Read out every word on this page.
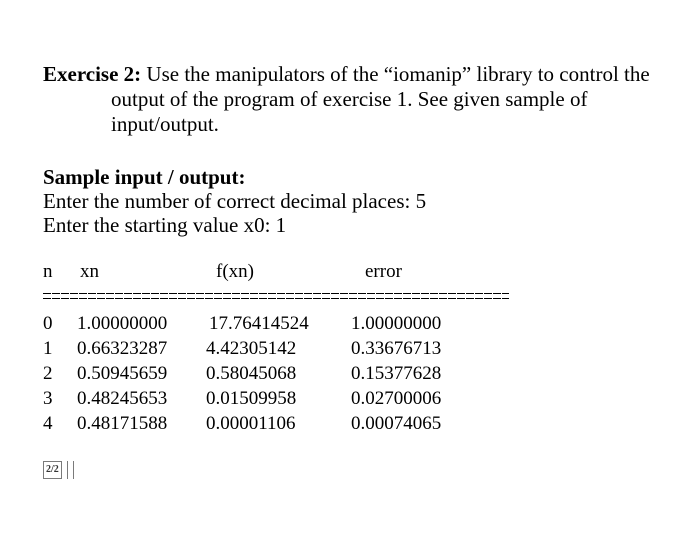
Exercise 2: Use the manipulators of the “iomanip” library to control the
output of the program of exercise 1. See given sample of
input/output.
Sample input / output:
Enter the number of correct decimal places: 5
Enter the starting value x0: 1
n xn	f(xn)	error
0 1.00000000 17.76414524 1.00000000
1 0.66323287 4.42305142	0.33676713
2 0.50945659 0.58045068	0.15377628
3 0.48245653 0.01509958	0.02700006
4 0.48171588 0.00001106	0.00074065
2/2
